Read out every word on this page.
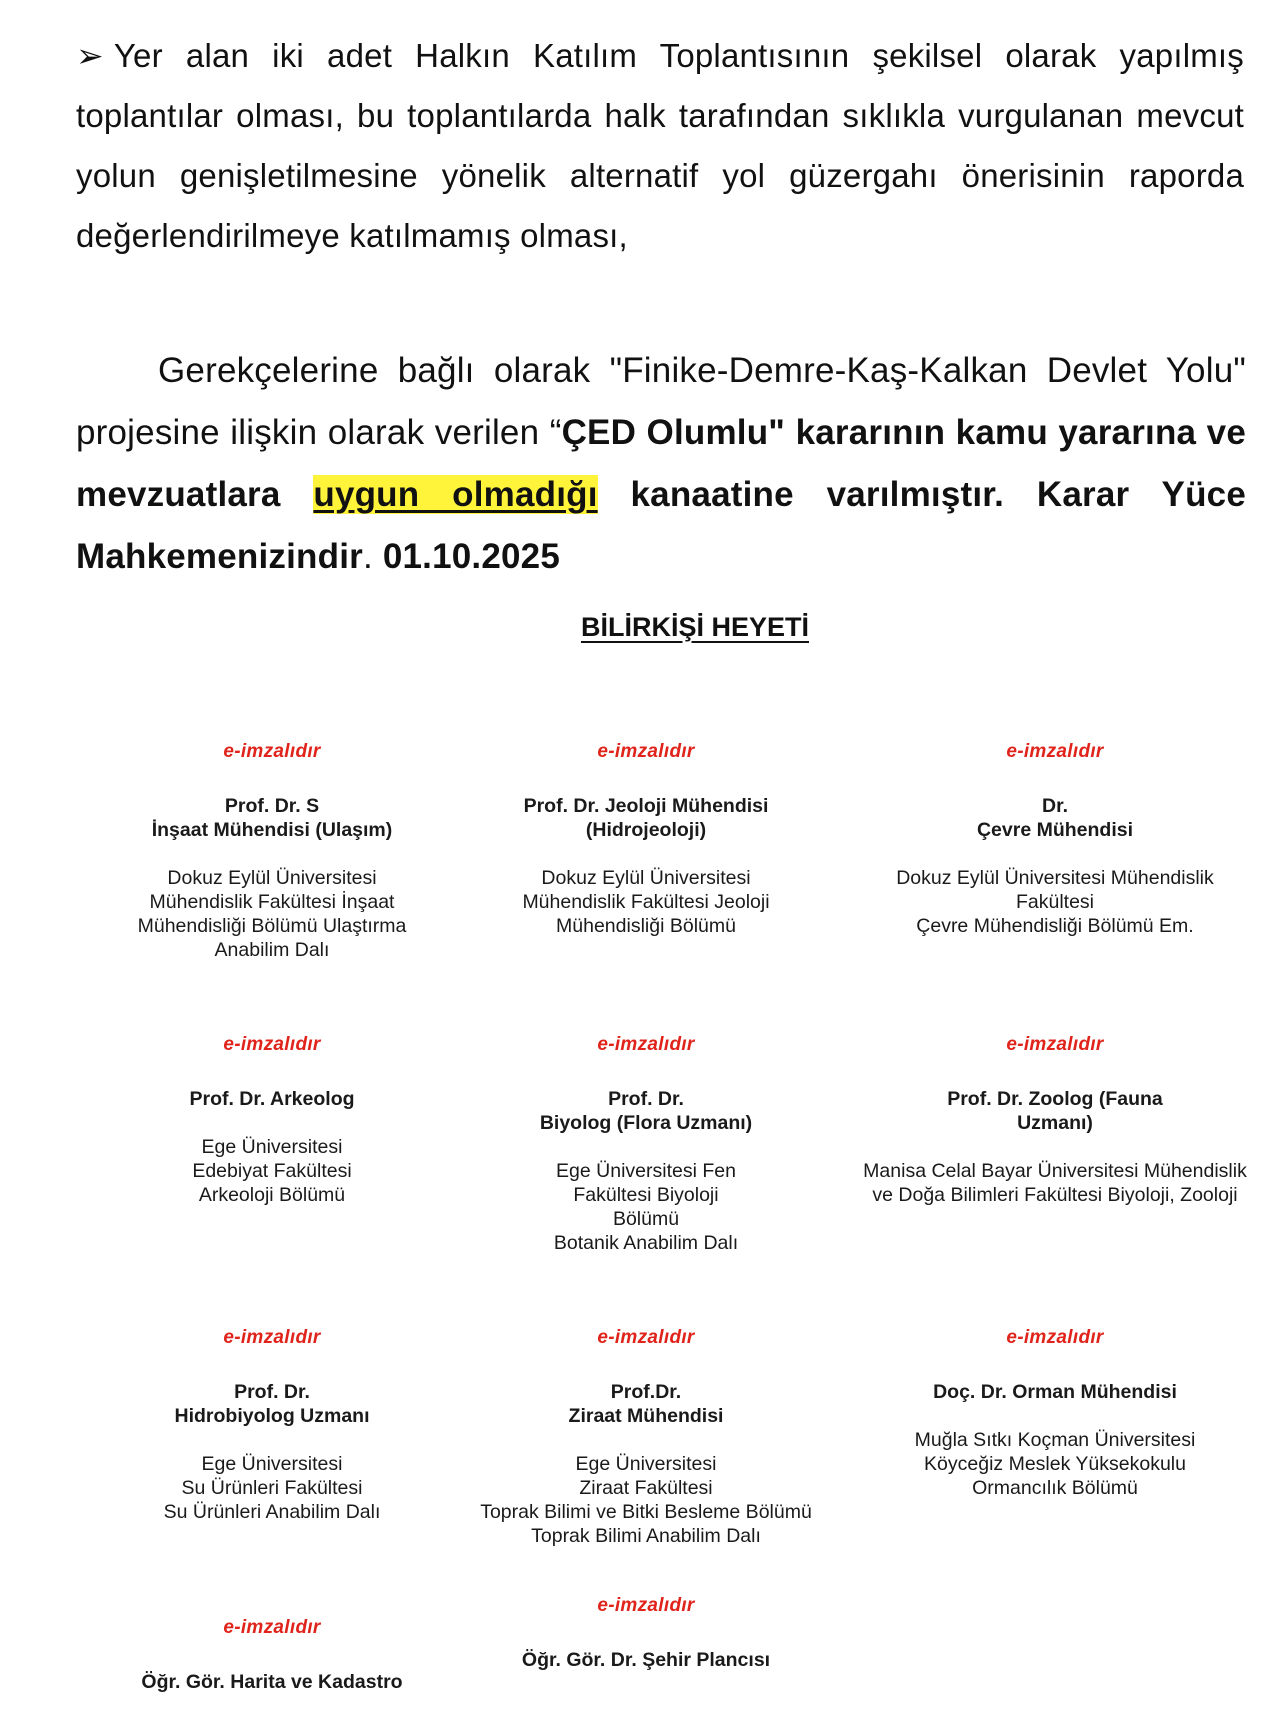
➢ Yer alan iki adet Halkın Katılım Toplantısının şekilsel olarak yapılmış toplantılar olması, bu toplantılarda halk tarafından sıklıkla vurgulanan mevcut yolun genişletilmesine yönelik alternatif yol güzergahı önerisinin raporda değerlendirilmeye katılmamış olması,

Gerekçelerine bağlı olarak "Finike-Demre-Kaş-Kalkan Devlet Yolu" projesine ilişkin olarak verilen “ÇED Olumlu" kararının kamu yararına ve mevzuatlara uygun olmadığı kanaatine varılmıştır. Karar Yüce Mahkemenizindir. 01.10.2025

BİLİRKİŞİ HEYETİ
e-imzalıdır
Prof. Dr. S
İnşaat Mühendisi (Ulaşım)
Dokuz Eylül Üniversitesi
Mühendislik Fakültesi İnşaat
Mühendisliği Bölümü Ulaştırma
Anabilim Dalı
e-imzalıdır
Prof. Dr. Jeoloji Mühendisi
(Hidrojeoloji)
Dokuz Eylül Üniversitesi
Mühendislik Fakültesi Jeoloji
Mühendisliği Bölümü
e-imzalıdır
Dr.
Çevre Mühendisi
Dokuz Eylül Üniversitesi Mühendislik
Fakültesi
Çevre Mühendisliği Bölümü Em.
e-imzalıdır
Prof. Dr. Arkeolog
Ege Üniversitesi
Edebiyat Fakültesi
Arkeoloji Bölümü
e-imzalıdır
Prof. Dr.
Biyolog (Flora Uzmanı)
Ege Üniversitesi Fen
Fakültesi Biyoloji
Bölümü
Botanik Anabilim Dalı
e-imzalıdır
Prof. Dr. Zoolog (Fauna
Uzmanı)
Manisa Celal Bayar Üniversitesi Mühendislik
ve Doğa Bilimleri Fakültesi Biyoloji, Zooloji
e-imzalıdır
Prof. Dr.
Hidrobiyolog Uzmanı
Ege Üniversitesi
Su Ürünleri Fakültesi
Su Ürünleri Anabilim Dalı
e-imzalıdır
Prof.Dr.
Ziraat Mühendisi
Ege Üniversitesi
Ziraat Fakültesi
Toprak Bilimi ve Bitki Besleme Bölümü
Toprak Bilimi Anabilim Dalı
e-imzalıdır
Doç. Dr. Orman Mühendisi
Muğla Sıtkı Koçman Üniversitesi
Köyceğiz Meslek Yüksekokulu
Ormancılık Bölümü
e-imzalıdır
Öğr. Gör. Harita ve Kadastro
e-imzalıdır
Öğr. Gör. Dr. Şehir Plancısı
